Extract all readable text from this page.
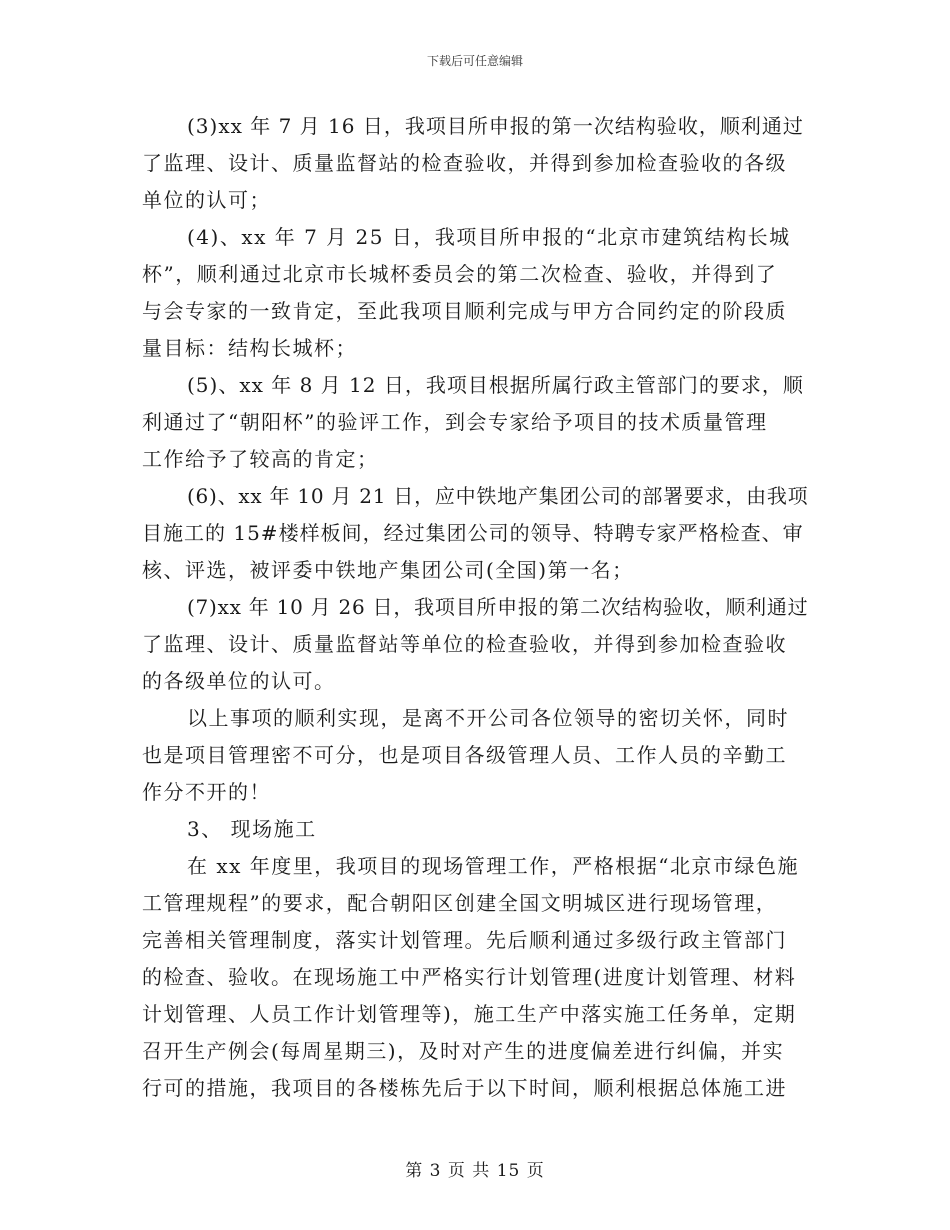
下载后可任意编辑
(3)xx 年 7 月 16 日，我项目所申报的第一次结构验收，顺利通过
了监理、设计、质量监督站的检查验收，并得到参加检查验收的各级
单位的认可；
(4)、xx 年 7 月 25 日，我项目所申报的“北京市建筑结构长城
杯”，顺利通过北京市长城杯委员会的第二次检查、验收，并得到了
与会专家的一致肯定，至此我项目顺利完成与甲方合同约定的阶段质
量目标：结构长城杯；
(5)、xx 年 8 月 12 日，我项目根据所属行政主管部门的要求，顺
利通过了“朝阳杯”的验评工作，到会专家给予项目的技术质量管理
工作给予了较高的肯定；
(6)、xx 年 10 月 21 日，应中铁地产集团公司的部署要求，由我项
目施工的 15#楼样板间，经过集团公司的领导、特聘专家严格检查、审
核、评选，被评委中铁地产集团公司(全国)第一名；
(7)xx 年 10 月 26 日，我项目所申报的第二次结构验收，顺利通过
了监理、设计、质量监督站等单位的检查验收，并得到参加检查验收
的各级单位的认可。
以上事项的顺利实现，是离不开公司各位领导的密切关怀，同时
也是项目管理密不可分，也是项目各级管理人员、工作人员的辛勤工
作分不开的！
3、 现场施工
在 xx 年度里，我项目的现场管理工作，严格根据“北京市绿色施
工管理规程”的要求，配合朝阳区创建全国文明城区进行现场管理，
完善相关管理制度，落实计划管理。先后顺利通过多级行政主管部门
的检查、验收。在现场施工中严格实行计划管理(进度计划管理、材料
计划管理、人员工作计划管理等)，施工生产中落实施工任务单，定期
召开生产例会(每周星期三)，及时对产生的进度偏差进行纠偏，并实
行可的措施，我项目的各楼栋先后于以下时间，顺利根据总体施工进
第 3 页 共 15 页
